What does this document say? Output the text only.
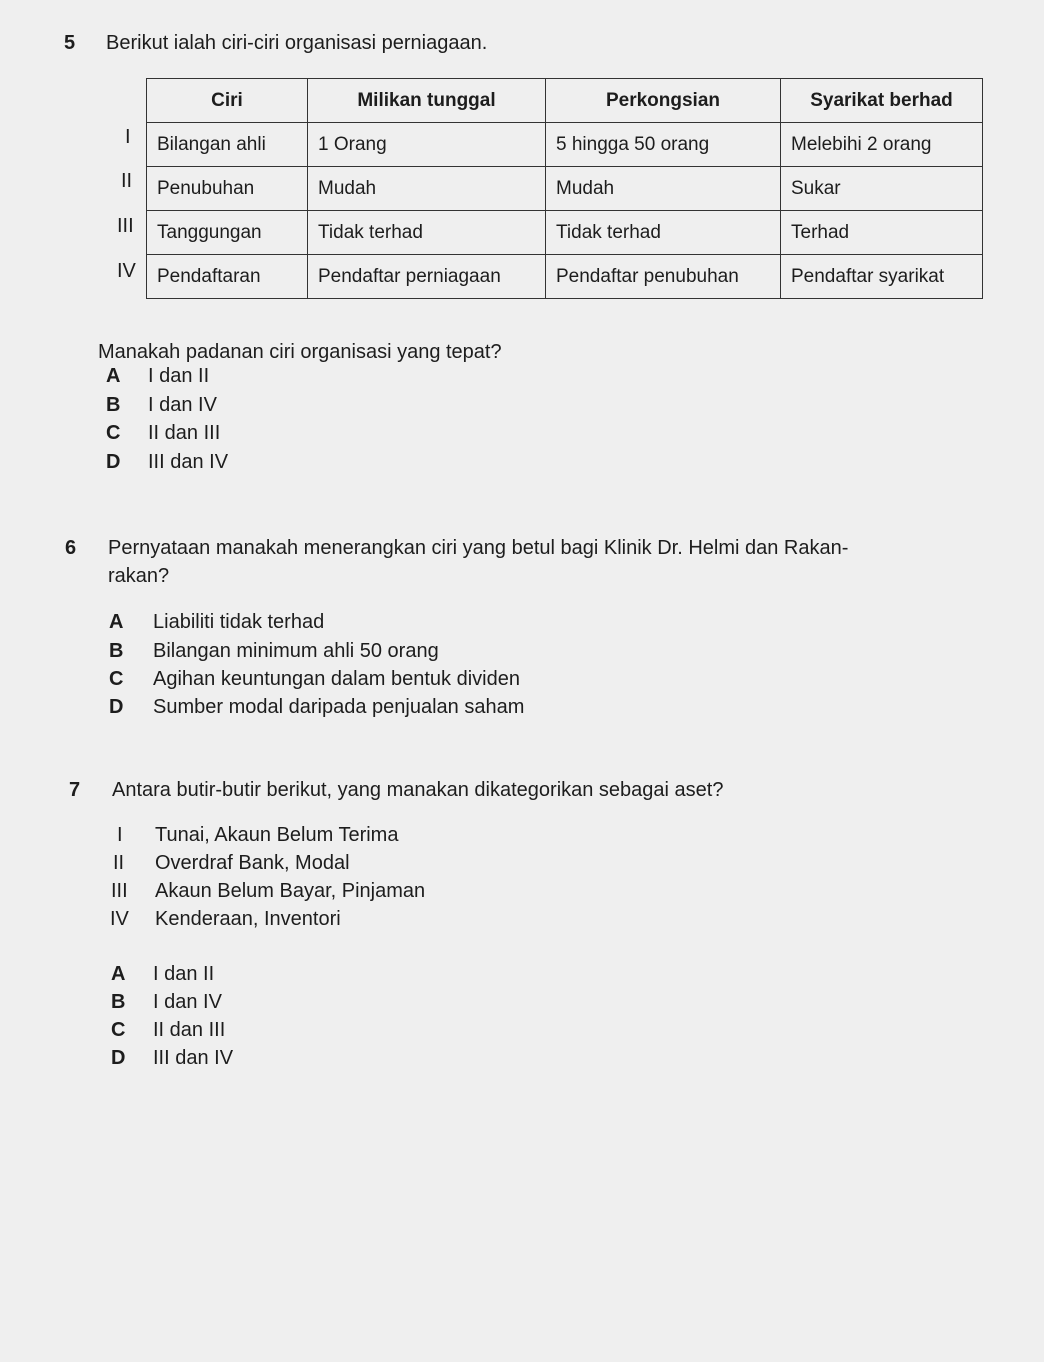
5 Berikut ialah ciri-ciri organisasi perniagaan.
I
II
III
IV
Ciri	Milikan tunggal	Perkongsian	Syarikat berhad
Bilangan ahli	1 Orang	5 hingga 50 orang	Melebihi 2 orang
Penubuhan	Mudah	Mudah	Sukar
Tanggungan	Tidak terhad	Tidak terhad	Terhad
Pendaftaran	Pendaftar perniagaan	Pendaftar penubuhan	Pendaftar syarikat
Manakah padanan ciri organisasi yang tepat?
A I dan II
B I dan IV
C II dan III
D III dan IV
6 Pernyataan manakah menerangkan ciri yang betul bagi Klinik Dr. Helmi dan Rakan-
rakan?
A Liabiliti tidak terhad
B Bilangan minimum ahli 50 orang
C Agihan keuntungan dalam bentuk dividen
D Sumber modal daripada penjualan saham
7 Antara butir-butir berikut, yang manakan dikategorikan sebagai aset?
I	Tunai, Akaun Belum Terima
II Overdraf Bank, Modal
III Akaun Belum Bayar, Pinjaman
IV Kenderaan, Inventori
A I dan II
B I dan IV
C II dan III
D III dan IV
